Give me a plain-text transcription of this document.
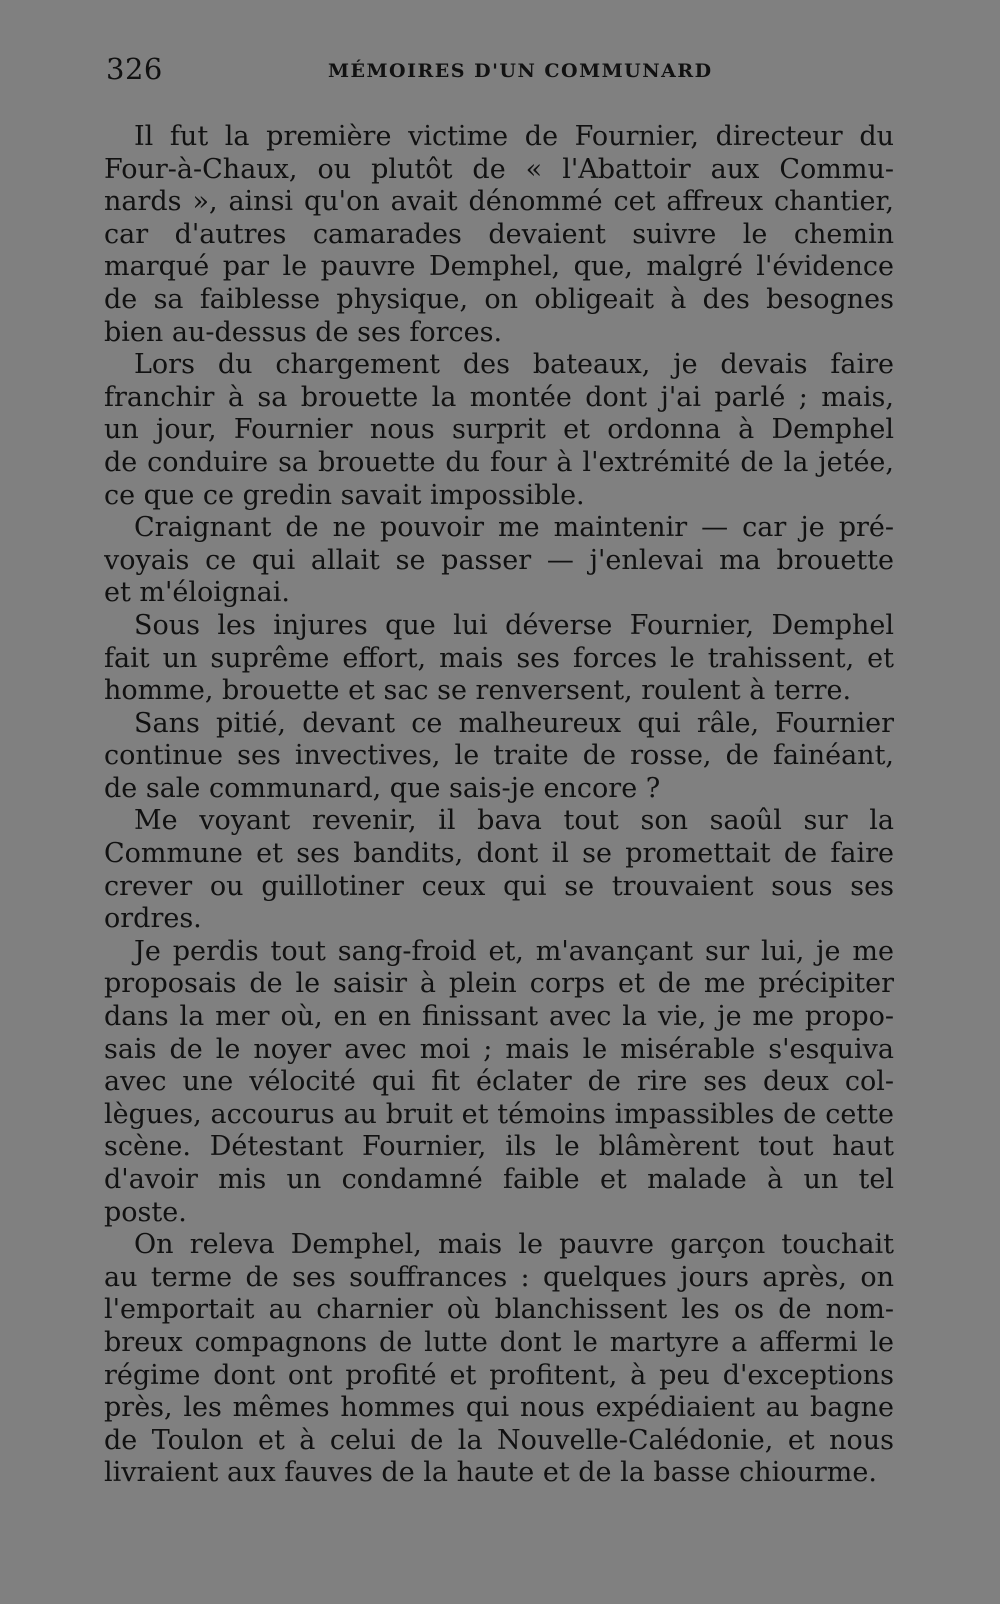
326	MÉMOIRES D'UN COMMUNARD
Il fut la première victime de Fournier, directeur du
Four-à-Chaux, ou plutôt de « l'Abattoir aux Commu-
nards », ainsi qu'on avait dénommé cet affreux chantier,
car d'autres camarades devaient suivre le chemin
marqué par le pauvre Demphel, que, malgré l'évidence
de sa faiblesse physique, on obligeait à des besognes
bien au-dessus de ses forces.
Lors du chargement des bateaux, je devais faire
franchir à sa brouette la montée dont j'ai parlé ; mais,
un jour, Fournier nous surprit et ordonna à Demphel
de conduire sa brouette du four à l'extrémité de la jetée,
ce que ce gredin savait impossible.
Craignant de ne pouvoir me maintenir — car je pré-
voyais ce qui allait se passer — j'enlevai ma brouette
et m'éloignai.
Sous les injures que lui déverse Fournier, Demphel
fait un suprême effort, mais ses forces le trahissent, et
homme, brouette et sac se renversent, roulent à terre.
Sans pitié, devant ce malheureux qui râle, Fournier
continue ses invectives, le traite de rosse, de fainéant,
de sale communard, que sais-je encore ?
Me voyant revenir, il bava tout son saoûl sur la
Commune et ses bandits, dont il se promettait de faire
crever ou guillotiner ceux qui se trouvaient sous ses
ordres.
Je perdis tout sang-froid et, m'avançant sur lui, je me
proposais de le saisir à plein corps et de me précipiter
dans la mer où, en en finissant avec la vie, je me propo-
sais de le noyer avec moi ; mais le misérable s'esquiva
avec une vélocité qui fit éclater de rire ses deux col-
lègues, accourus au bruit et témoins impassibles de cette
scène. Détestant Fournier, ils le blâmèrent tout haut
d'avoir mis un condamné faible et malade à un tel
poste.
On releva Demphel, mais le pauvre garçon touchait
au terme de ses souffrances : quelques jours après, on
l'emportait au charnier où blanchissent les os de nom-
breux compagnons de lutte dont le martyre a affermi le
régime dont ont profité et profitent, à peu d'exceptions
près, les mêmes hommes qui nous expédiaient au bagne
de Toulon et à celui de la Nouvelle-Calédonie, et nous
livraient aux fauves de la haute et de la basse chiourme.
